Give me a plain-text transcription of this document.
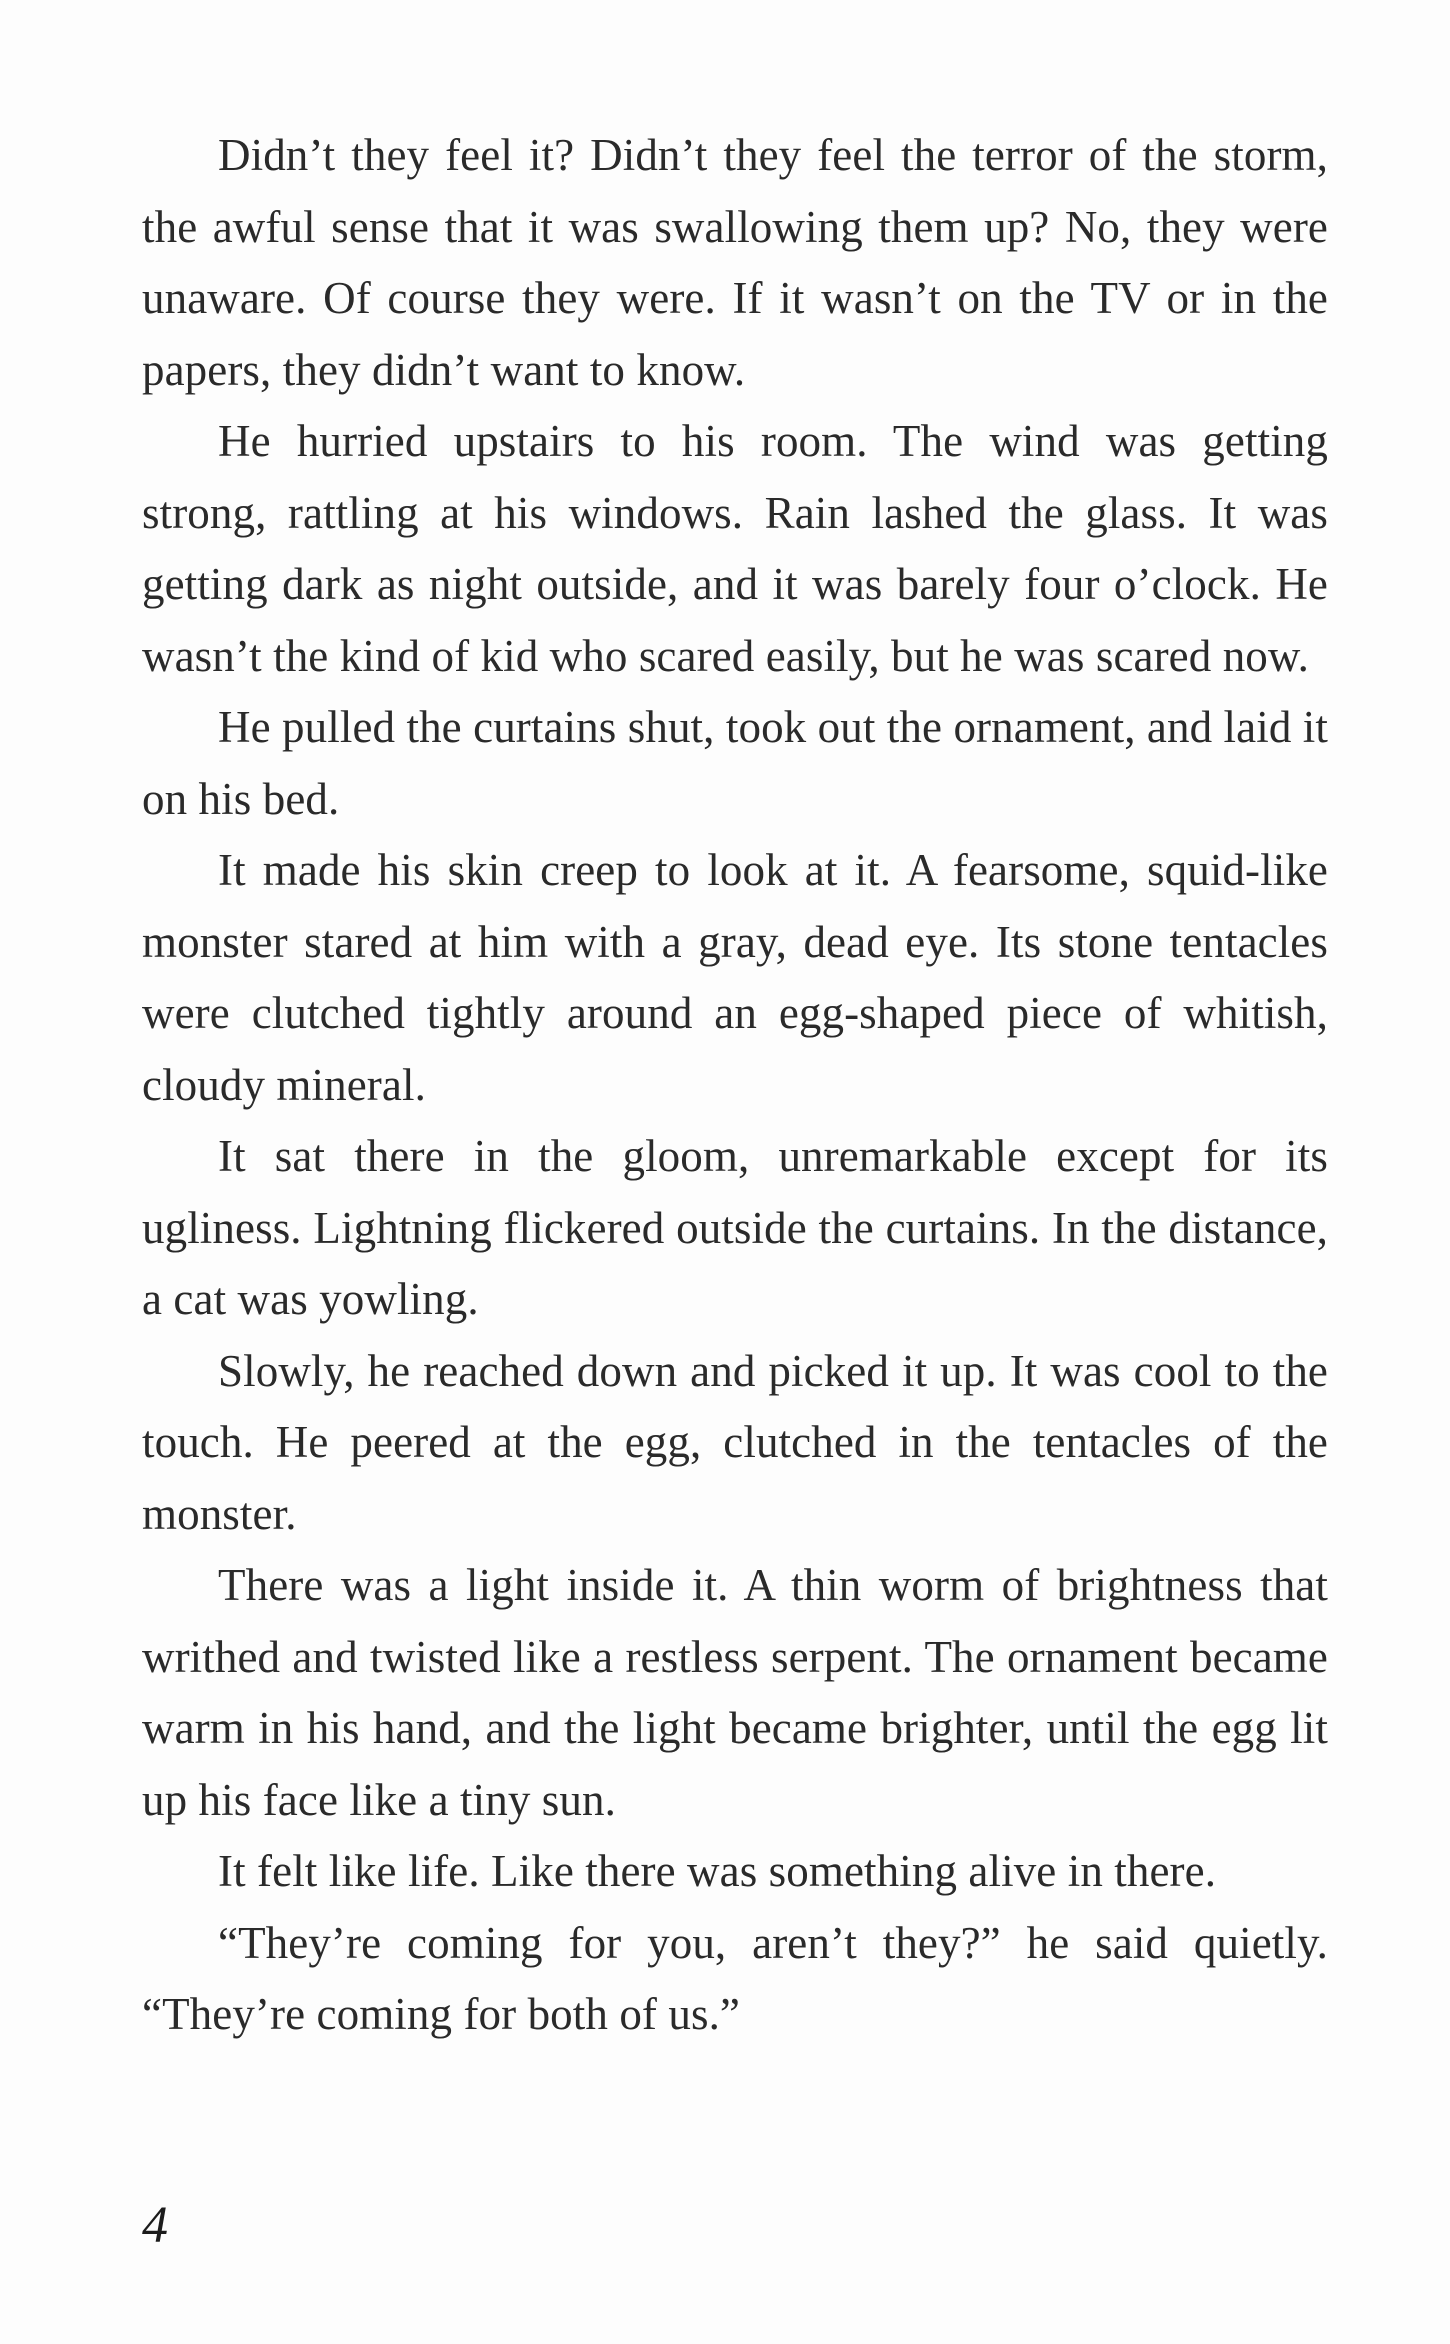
Didn’t they feel it? Didn’t they feel the terror of the storm, the awful sense that it was swallowing them up? No, they were unaware. Of course they were. If it wasn’t on the TV or in the papers, they didn’t want to know.

He hurried upstairs to his room. The wind was getting strong, rattling at his windows. Rain lashed the glass. It was getting dark as night outside, and it was barely four o’clock. He wasn’t the kind of kid who scared easily, but he was scared now.

He pulled the curtains shut, took out the ornament, and laid it on his bed.

It made his skin creep to look at it. A fearsome, squid-like monster stared at him with a gray, dead eye. Its stone tentacles were clutched tightly around an egg-shaped piece of whitish, cloudy mineral.

It sat there in the gloom, unremarkable except for its ugliness. Lightning flickered outside the curtains. In the distance, a cat was yowling.

Slowly, he reached down and picked it up. It was cool to the touch. He peered at the egg, clutched in the tentacles of the monster.

There was a light inside it. A thin worm of brightness that writhed and twisted like a restless serpent. The ornament became warm in his hand, and the light became brighter, until the egg lit up his face like a tiny sun.

It felt like life. Like there was something alive in there.

“They’re coming for you, aren’t they?” he said quietly. “They’re coming for both of us.”

4
